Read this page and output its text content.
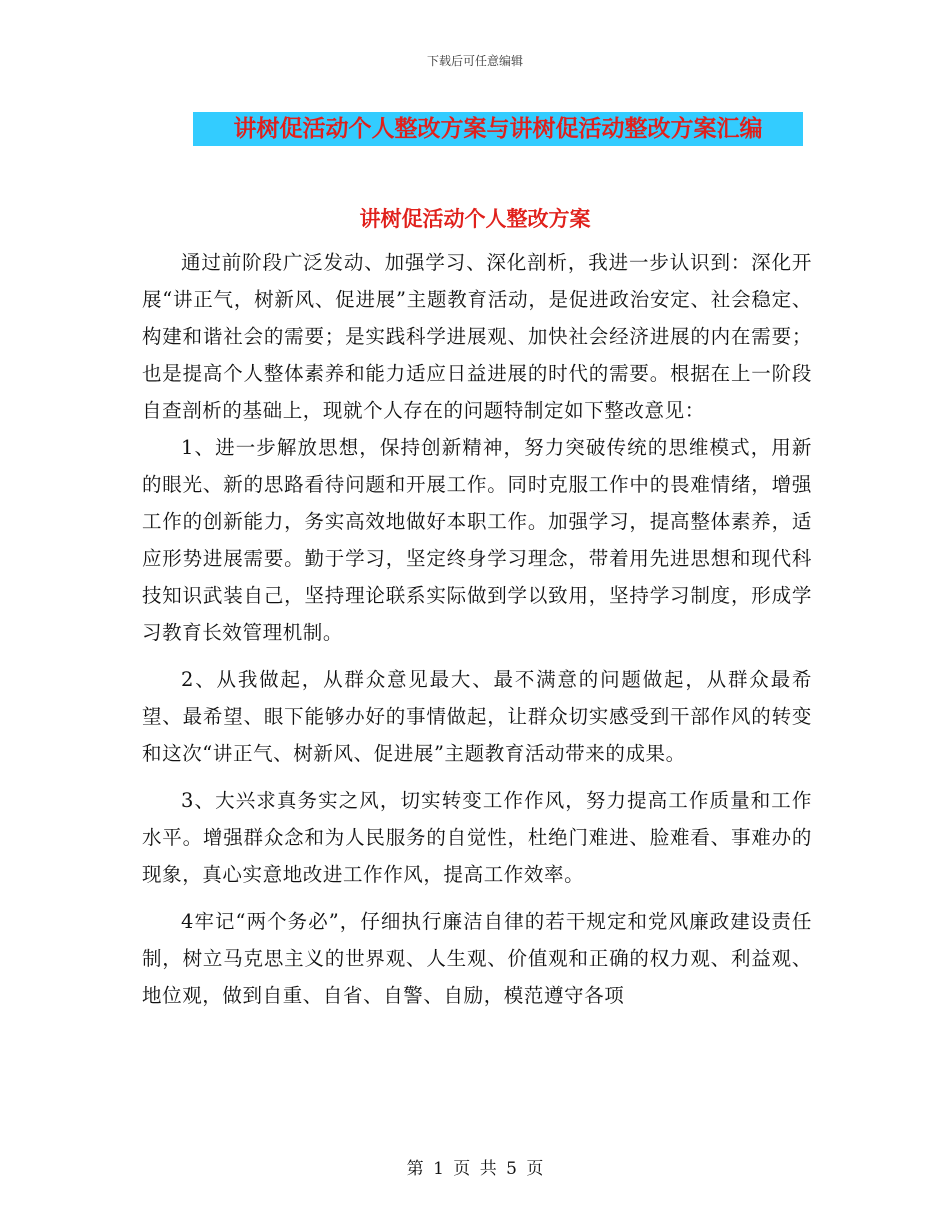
下载后可任意编辑
讲树促活动个人整改方案与讲树促活动整改方案汇编
讲树促活动个人整改方案

通过前阶段广泛发动、加强学习、深化剖析，我进一步认识到：深化开展“讲正气，树新风、促进展”主题教育活动，是促进政治安定、社会稳定、构建和谐社会的需要；是实践科学进展观、加快社会经济进展的内在需要；也是提高个人整体素养和能力适应日益进展的时代的需要。根据在上一阶段自查剖析的基础上，现就个人存在的问题特制定如下整改意见：

1、进一步解放思想，保持创新精神，努力突破传统的思维模式，用新的眼光、新的思路看待问题和开展工作。同时克服工作中的畏难情绪，增强工作的创新能力，务实高效地做好本职工作。加强学习，提高整体素养，适应形势进展需要。勤于学习，坚定终身学习理念，带着用先进思想和现代科技知识武装自己，坚持理论联系实际做到学以致用，坚持学习制度，形成学习教育长效管理机制。

2、从我做起，从群众意见最大、最不满意的问题做起，从群众最希望、最希望、眼下能够办好的事情做起，让群众切实感受到干部作风的转变和这次“讲正气、树新风、促进展”主题教育活动带来的成果。

3、大兴求真务实之风，切实转变工作作风，努力提高工作质量和工作水平。增强群众念和为人民服务的自觉性，杜绝门难进、脸难看、事难办的现象，真心实意地改进工作作风，提高工作效率。

4牢记“两个务必”，仔细执行廉洁自律的若干规定和党风廉政建设责任制，树立马克思主义的世界观、人生观、价值观和正确的权力观、利益观、地位观，做到自重、自省、自警、自励，模范遵守各项

第 1 页 共 5 页
